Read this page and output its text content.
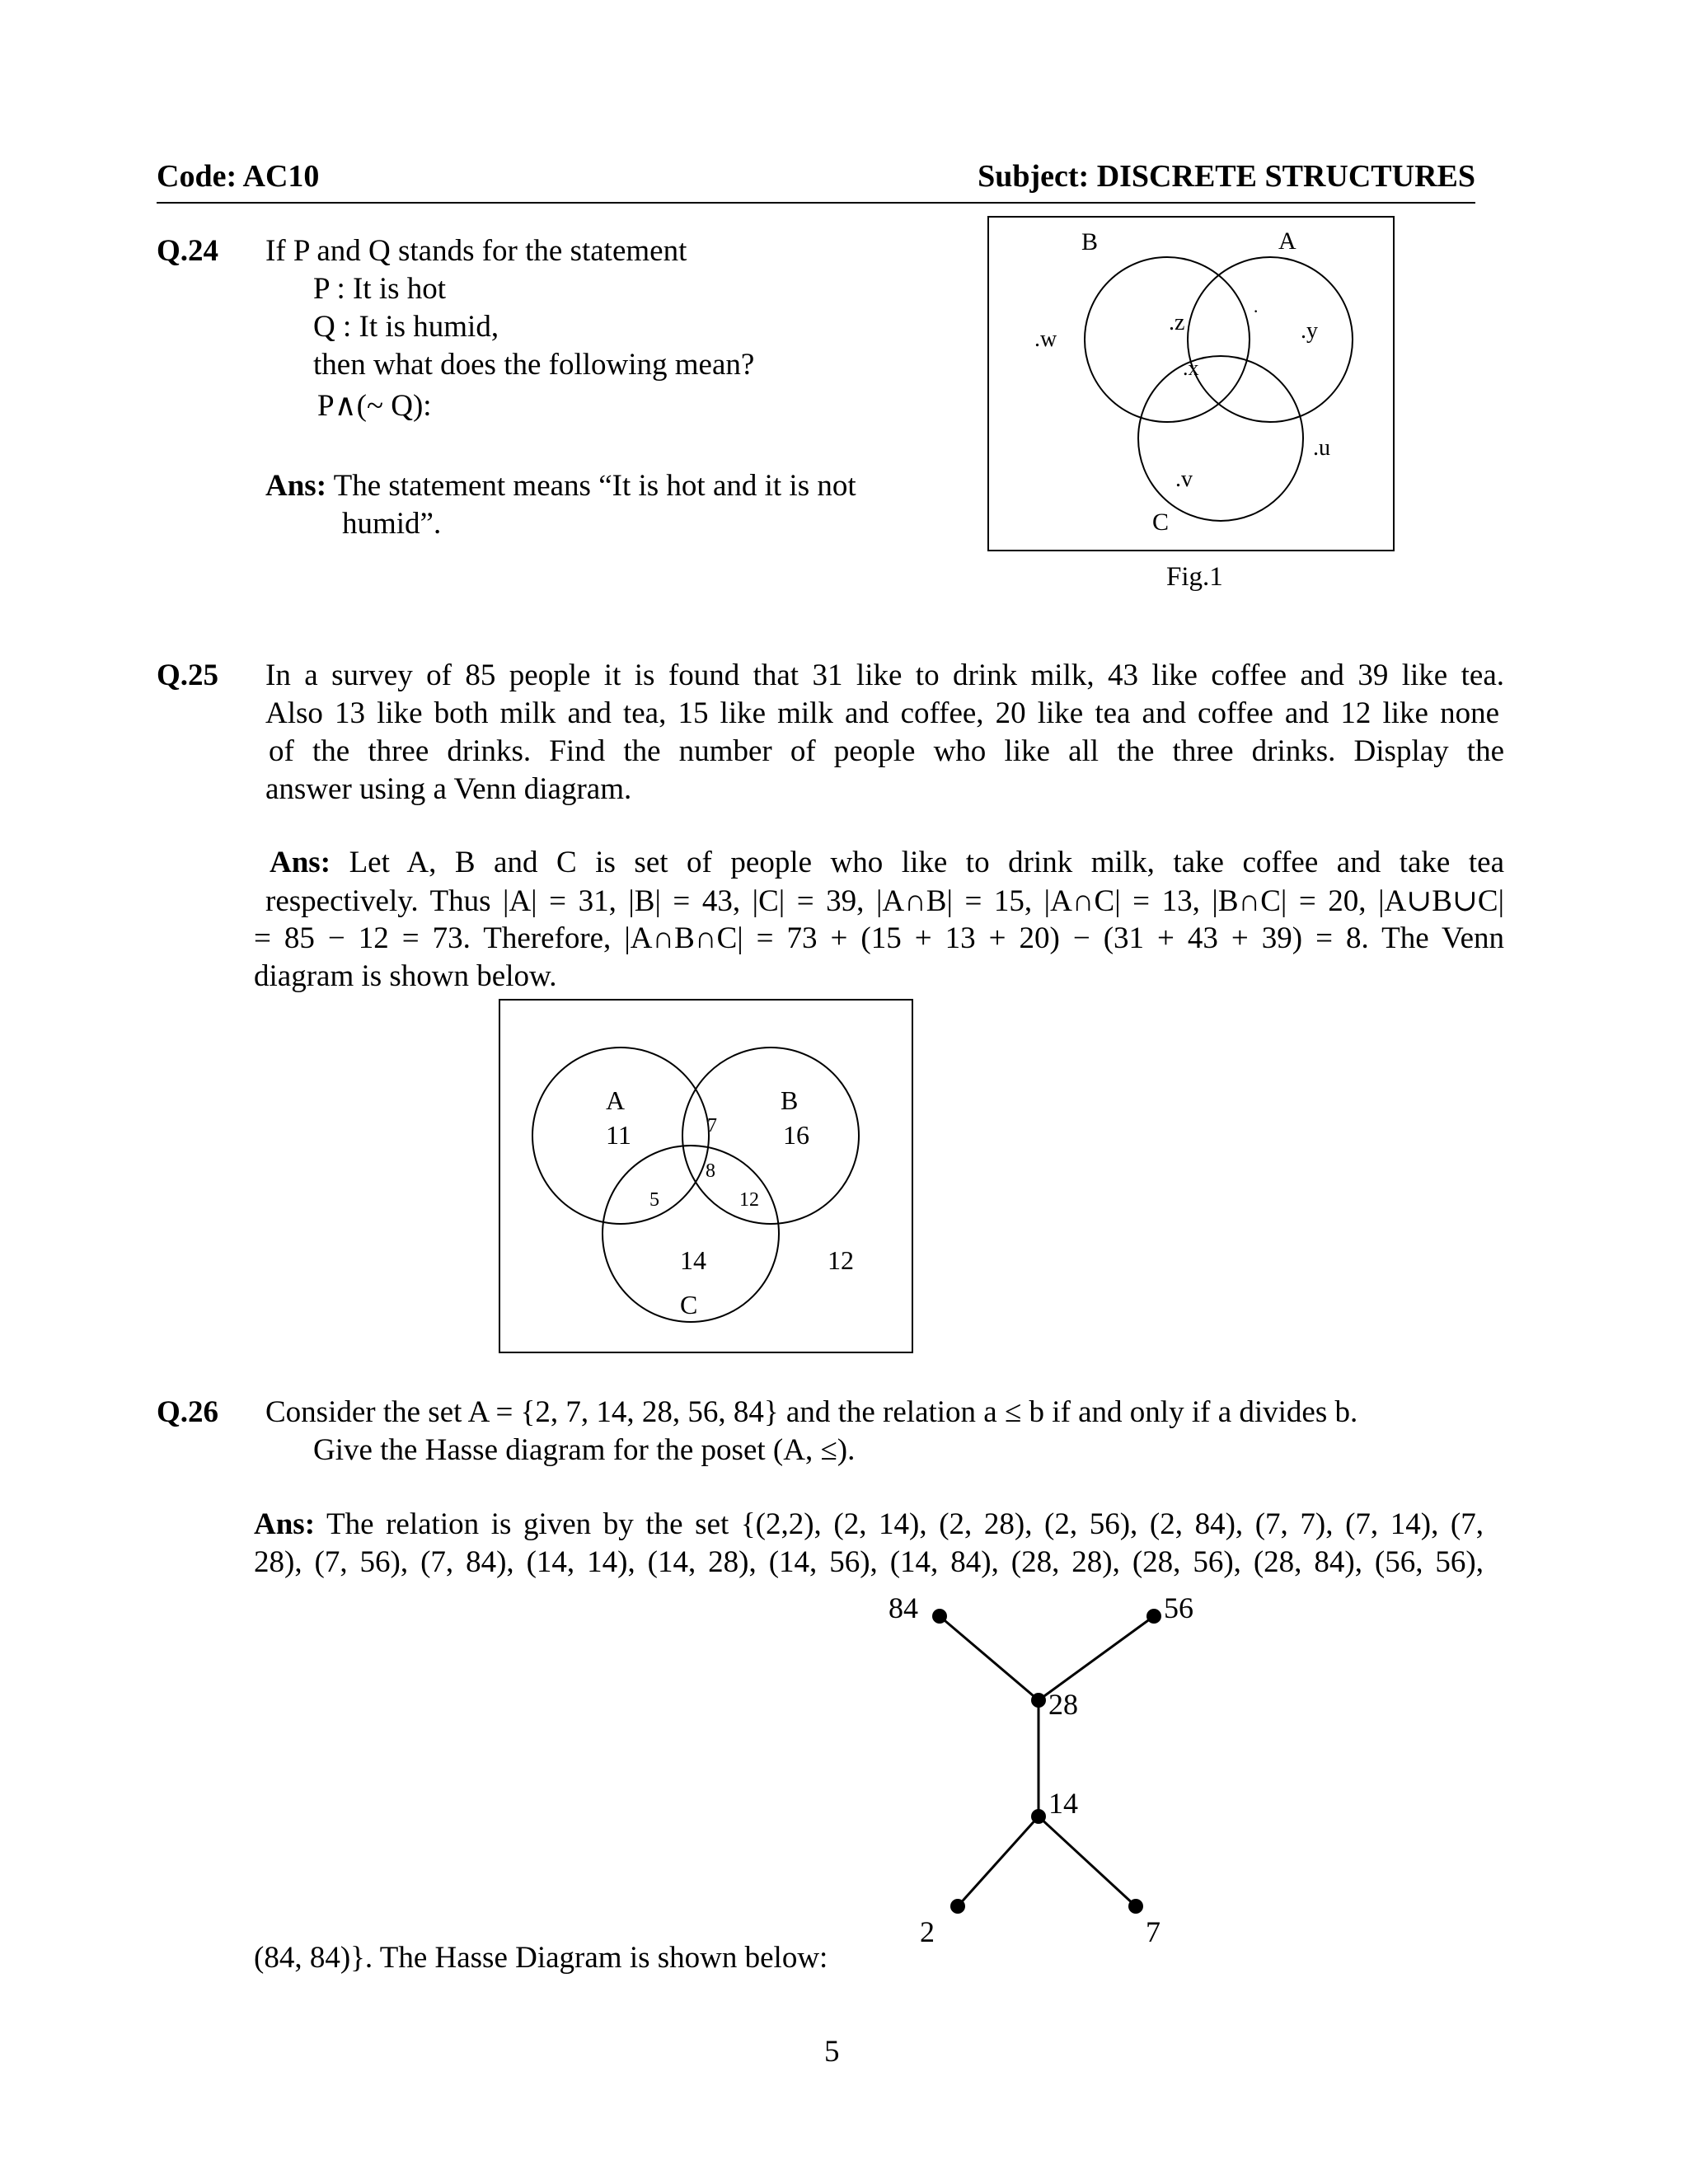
Code: AC10	Subject: DISCRETE STRUCTURES
Q.24 If P and Q stands for the statement
P : It is hot
Q : It is humid,
then what does the following mean?
P∧(~ Q):
Ans: The statement means “It is hot and it is not
humid”.
B	A
C
.w
.z	.y
.x
.v
.u
·
Fig.1
Q.25 In a survey of 85 people it is found that 31 like to drink milk, 43 like coffee and 39 like tea.
Also 13 like both milk and tea, 15 like milk and coffee, 20 like tea and coffee and 12 like none
of the three drinks. Find the number of people who like all the three drinks. Display the
answer using a Venn diagram.
Ans: Let A, B and C is set of people who like to drink milk, take coffee and take tea
respectively. Thus |A| = 31, |B| = 43, |C| = 39, |A∩B| = 15, |A∩C| = 13, |B∩C| = 20, |A∪B∪C|
= 85 − 12 = 73. Therefore, |A∩B∩C| = 73 + (15 + 13 + 20) − (31 + 43 + 39) = 8. The Venn
diagram is shown below.
A	B
C
11	16
14
7
8
5	12
12
Q.26 Consider the set A = {2, 7, 14, 28, 56, 84} and the relation a ≤ b if and only if a divides b.
Give the Hasse diagram for the poset (A, ≤).
Ans: The relation is given by the set {(2,2), (2, 14), (2, 28), (2, 56), (2, 84), (7, 7), (7, 14), (7,
28), (7, 56), (7, 84), (14, 14), (14, 28), (14, 56), (14, 84), (28, 28), (28, 56), (28, 84), (56, 56),
(84, 84)}. The Hasse Diagram is shown below:
84	56
28
14
2	7
5
